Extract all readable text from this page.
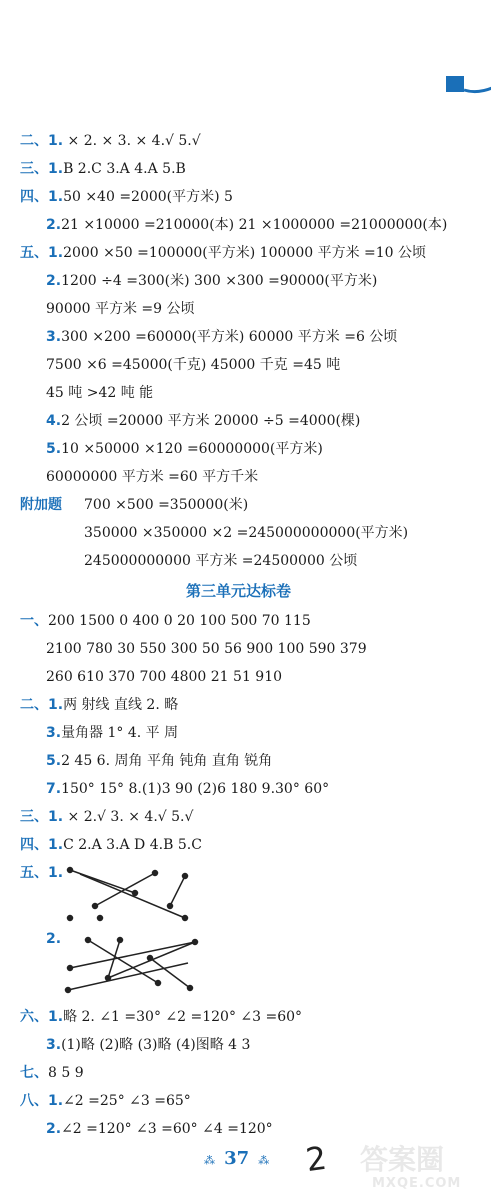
二、1. × 2. × 3. × 4.√ 5.√
三、1.B 2.C 3.A 4.A 5.B
四、1.50 ×40 =2000(平方米) 5
2.21 ×10000 =210000(本) 21 ×1000000 =21000000(本)
五、1.2000 ×50 =100000(平方米) 100000 平方米 =10 公顷
2.1200 ÷4 =300(米) 300 ×300 =90000(平方米)
90000 平方米 =9 公顷
3.300 ×200 =60000(平方米) 60000 平方米 =6 公顷
7500 ×6 =45000(千克) 45000 千克 =45 吨
45 吨 >42 吨 能
4.2 公顷 =20000 平方米 20000 ÷5 =4000(棵)
5.10 ×50000 ×120 =60000000(平方米)
60000000 平方米 =60 平方千米
附加题 700 ×500 =350000(米)
350000 ×350000 ×2 =245000000000(平方米)
245000000000 平方米 =24500000 公顷
第三单元达标卷
一、200 1500 0 400 0 20 100 500 70 115
2100 780 30 550 300 50 56 900 100 590 379
260 610 370 700 4800 21 51 910
二、1.两 射线 直线 2. 略
3.量角器 1° 4. 平 周
5.2 45 6. 周角 平角 钝角 直角 锐角
7.150° 15° 8.(1)3 90 (2)6 180 9.30° 60°
三、1. × 2.√ 3. × 4.√ 5.√
四、1.C 2.A 3.A D 4.B 5.C
五、1.
2.
六、1.略 2. ∠1 =30° ∠2 =120° ∠3 =60°
3.(1)略 (2)略 (3)略 (4)图略 4 3
七、8 5 9
八、1.∠2 =25° ∠3 =65°
2.∠2 =120° ∠3 =60° ∠4 =120°
⁂ 37 ⁂ 2 答案圈
MXQE.COM
